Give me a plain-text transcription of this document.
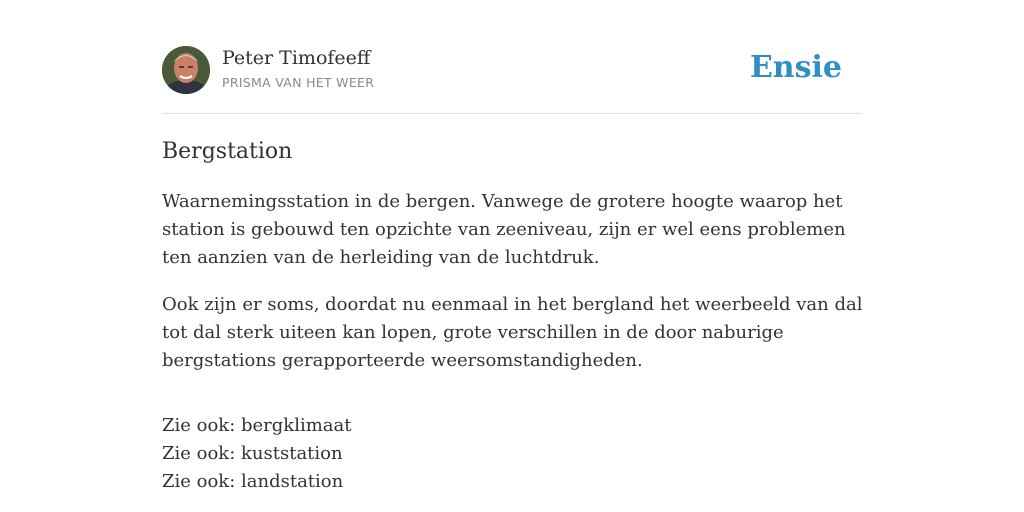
Peter Timofeeff
PRISMA VAN HET WEER	Ensie
Bergstation

Waarnemingsstation in de bergen. Vanwege de grotere hoogte waarop het station is gebouwd ten opzichte van zeeniveau, zijn er wel eens problemen ten aanzien van de herleiding van de luchtdruk.

Ook zijn er soms, doordat nu eenmaal in het bergland het weerbeeld van dal tot dal sterk uiteen kan lopen, grote verschillen in de door naburige bergstations gerapporteerde weersomstandigheden.

Zie ook: bergklimaat
Zie ook: kuststation
Zie ook: landstation
